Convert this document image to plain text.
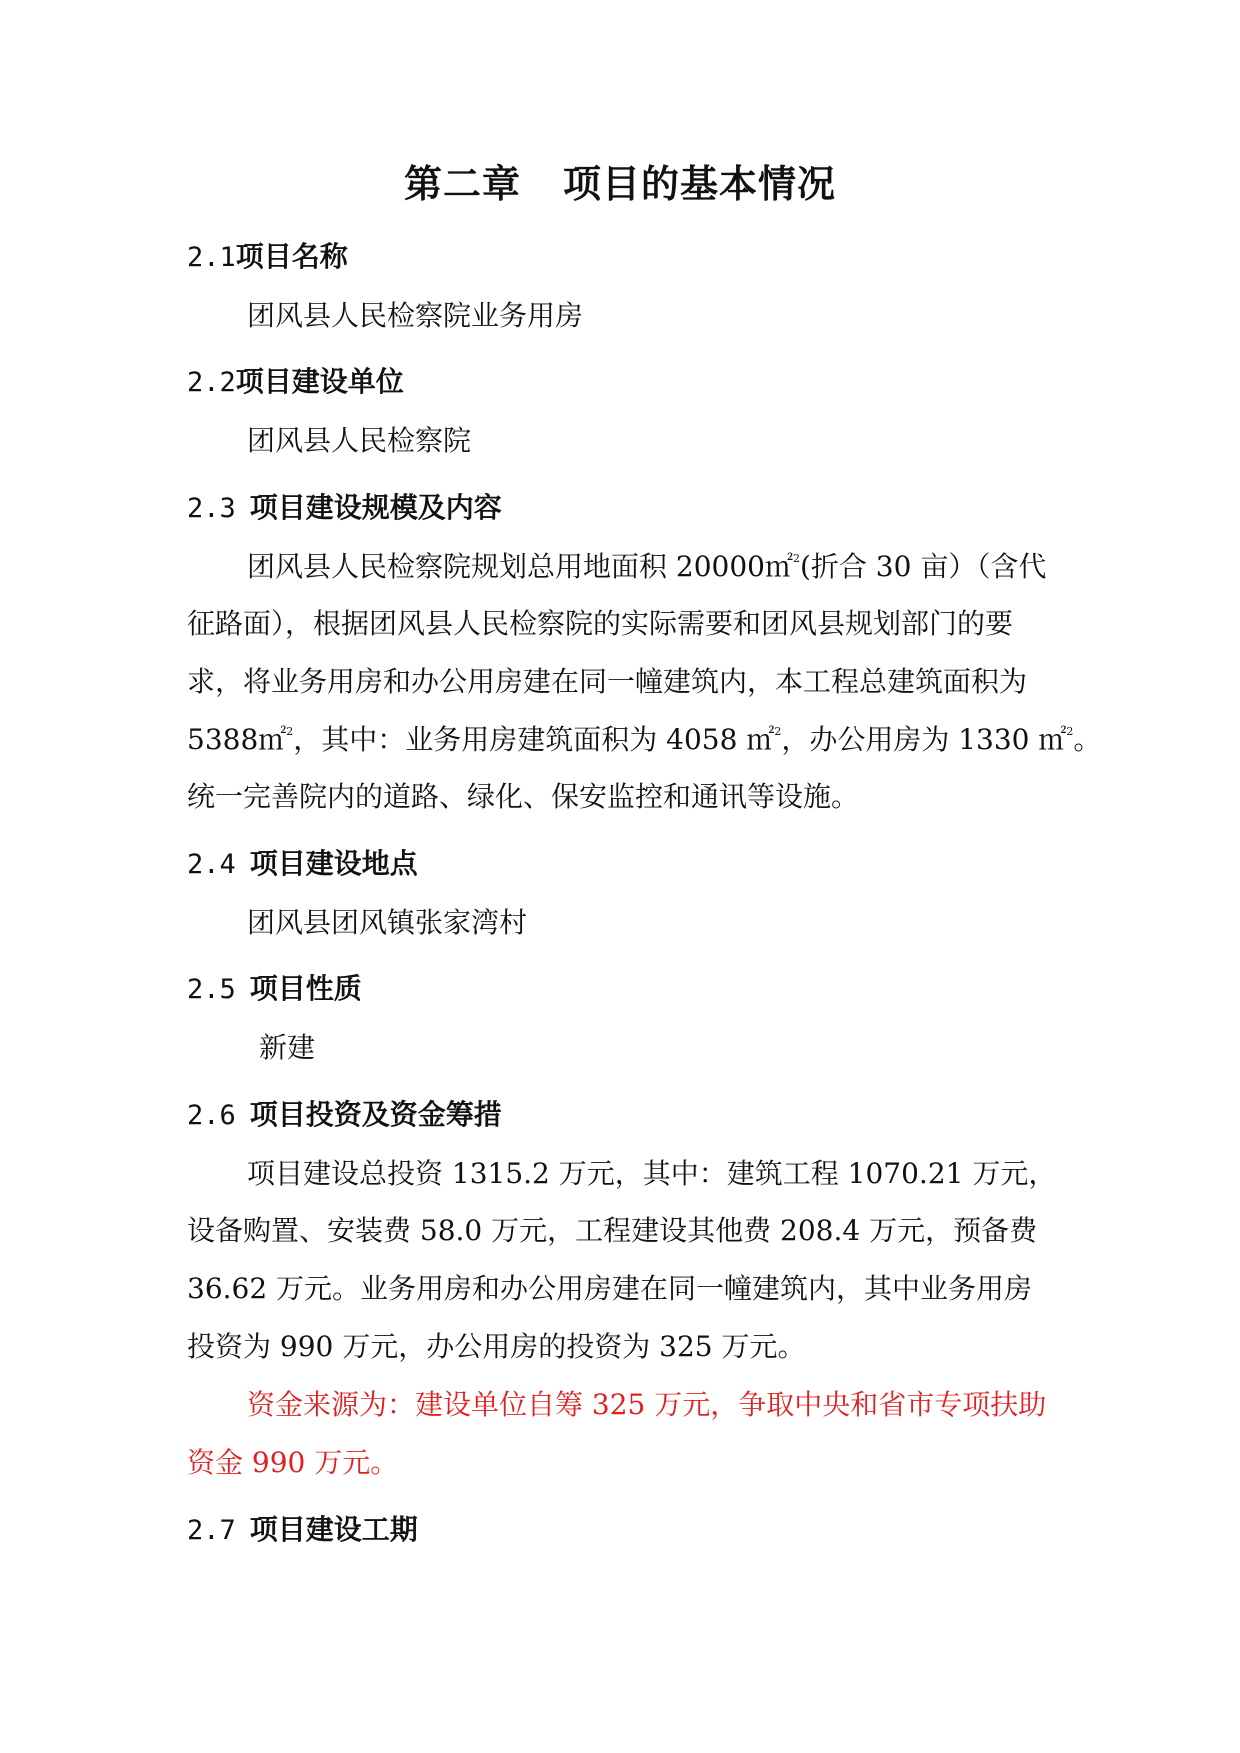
第二章 项目的基本情况
2.1项目名称
团风县人民检察院业务用房
2.2项目建设单位
团风县人民检察院
2.3 项目建设规模及内容
团风县人民检察院规划总用地面积 20000㎡$^2$(折合 30 亩）（含代
征路面），根据团风县人民检察院的实际需要和团风县规划部门的要
求，将业务用房和办公用房建在同一幢建筑内，本工程总建筑面积为
5388㎡$^2$，其中：业务用房建筑面积为 4058 ㎡$^2$，办公用房为 1330 ㎡$^2$。
统一完善院内的道路、绿化、保安监控和通讯等设施。
2.4 项目建设地点
团风县团风镇张家湾村
2.5 项目性质
新建
2.6 项目投资及资金筹措
项目建设总投资 1315.2 万元，其中：建筑工程 1070.21 万元，
设备购置、安装费 58.0 万元，工程建设其他费 208.4 万元，预备费
36.62 万元。业务用房和办公用房建在同一幢建筑内，其中业务用房
投资为 990 万元，办公用房的投资为 325 万元。
资金来源为：建设单位自筹 325 万元，争取中央和省市专项扶助
资金 990 万元。
2.7 项目建设工期
